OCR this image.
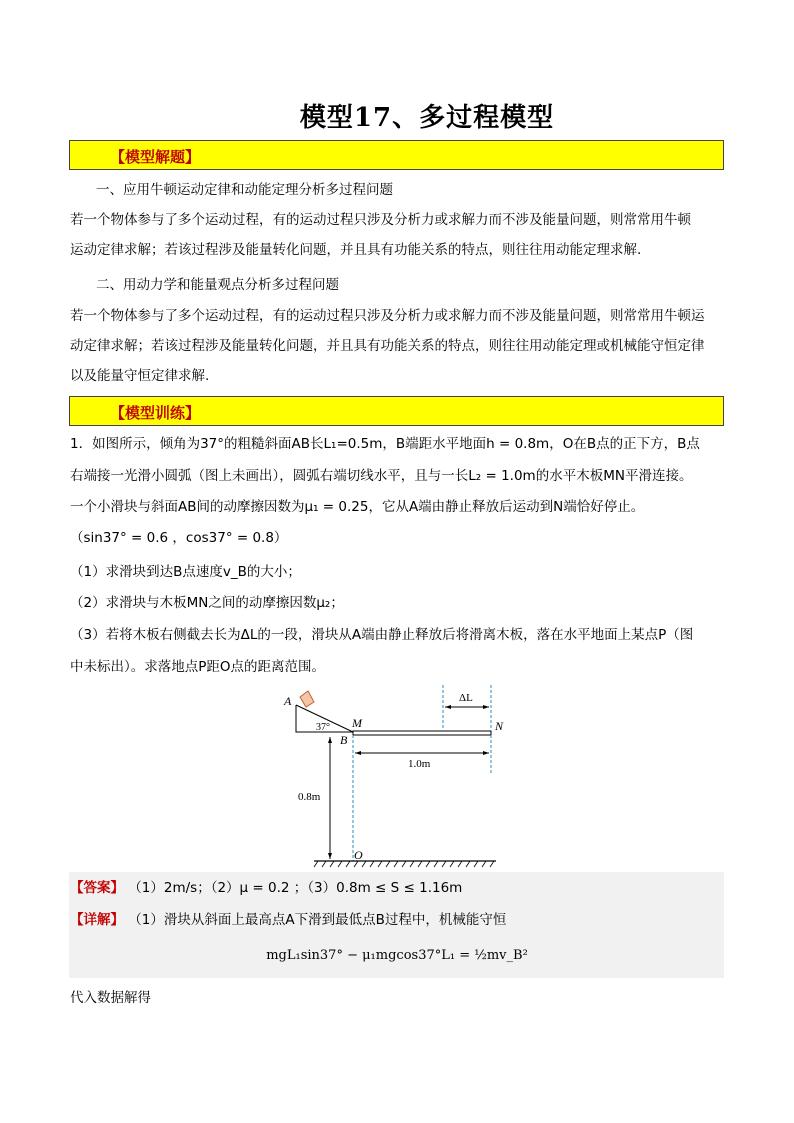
模型17、多过程模型
【模型解题】
一、应用牛顿运动定律和动能定理分析多过程问题
若一个物体参与了多个运动过程，有的运动过程只涉及分析力或求解力而不涉及能量问题，则常常用牛顿
运动定律求解；若该过程涉及能量转化问题，并且具有功能关系的特点，则往往用动能定理求解.
二、用动力学和能量观点分析多过程问题
若一个物体参与了多个运动过程，有的运动过程只涉及分析力或求解力而不涉及能量问题，则常常用牛顿运
动定律求解；若该过程涉及能量转化问题，并且具有功能关系的特点，则往往用动能定理或机械能守恒定律
以及能量守恒定律求解.
【模型训练】
1．如图所示，倾角为37°的粗糙斜面AB长L₁=0.5m，B端距水平地面h = 0.8m，O在B点的正下方，B点
右端接一光滑小圆弧（图上未画出），圆弧右端切线水平，且与一长L₂ = 1.0m的水平木板MN平滑连接。
一个小滑块与斜面AB间的动摩擦因数为μ₁ = 0.25，它从A端由静止释放后运动到N端恰好停止。
（sin37° = 0.6 ，cos37° = 0.8）
（1）求滑块到达B点速度v_B的大小；
（2）求滑块与木板MN之间的动摩擦因数μ₂；
（3）若将木板右侧截去长为ΔL的一段，滑块从A端由静止释放后将滑离木板，落在水平地面上某点P（图
中未标出）。求落地点P距O点的距离范围。
A
37° M
B
N
ΔL
1.0m
0.8m
O
【答案】 （1）2m/s；（2）μ = 0.2 ；（3）0.8m ≤ S ≤ 1.16m
【详解】 （1）滑块从斜面上最高点A下滑到最低点B过程中，机械能守恒
mgL₁sin37° − μ₁mgcos37°L₁ = ½mv_B²
代入数据解得
